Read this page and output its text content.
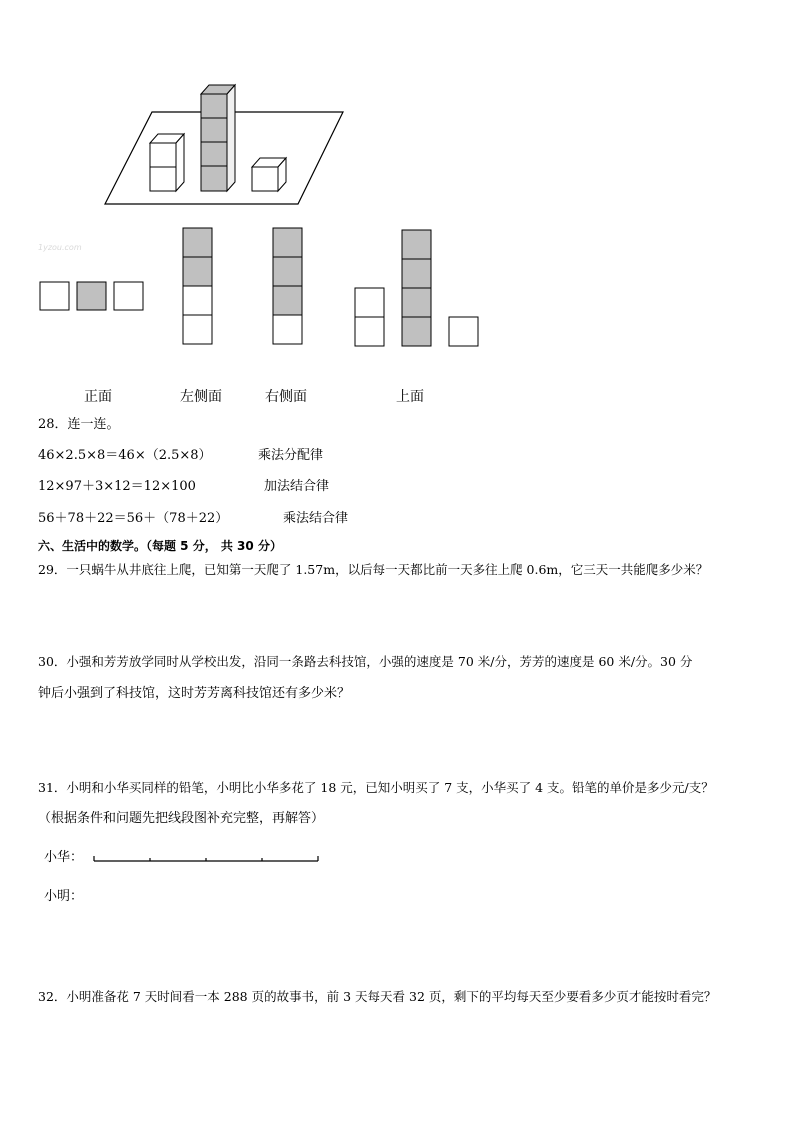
1yzou.com
正面	左侧面	右侧面	上面
28．连一连。
46×2.5×8＝46×（2.5×8）	乘法分配律
12×97＋3×12＝12×100	加法结合律
56＋78＋22＝56＋（78＋22）	乘法结合律
六、生活中的数学。（每题 5 分， 共 30 分）
29．一只蜗牛从井底往上爬，已知第一天爬了 1.57m，以后每一天都比前一天多往上爬 0.6m，它三天一共能爬多少米？
30．小强和芳芳放学同时从学校出发，沿同一条路去科技馆，小强的速度是 70 米/分，芳芳的速度是 60 米/分。30 分
钟后小强到了科技馆，这时芳芳离科技馆还有多少米？
31．小明和小华买同样的铅笔，小明比小华多花了 18 元，已知小明买了 7 支，小华买了 4 支。铅笔的单价是多少元/支？
（根据条件和问题先把线段图补充完整，再解答）
小华：
小明：
32．小明准备花 7 天时间看一本 288 页的故事书，前 3 天每天看 32 页，剩下的平均每天至少要看多少页才能按时看完？
